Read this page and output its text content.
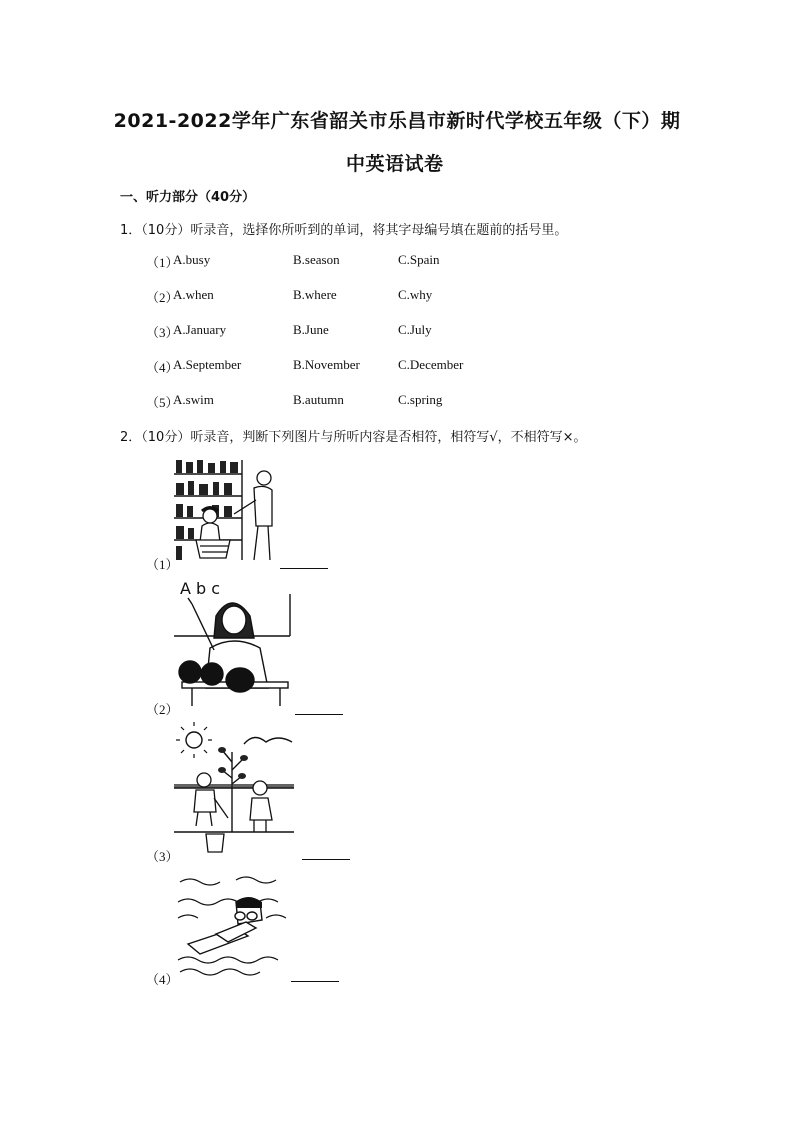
2021-2022学年广东省韶关市乐昌市新时代学校五年级（下）期
中英语试卷
一、听力部分（40分）
1．（10分）听录音，选择你所听到的单词，将其字母编号填在题前的括号里。
（1）
A.busy	B.season	C.Spain
（2）
A.when	B.where	C.why
（3）
A.January	B.June	C.July
（4）
A.September	B.November	C.December
（5）
A.swim	B.autumn	C.spring
2．（10分）听录音，判断下列图片与所听内容是否相符，相符写√，不相符写×。
（1）
A b c
（2）
（3）
（4）
